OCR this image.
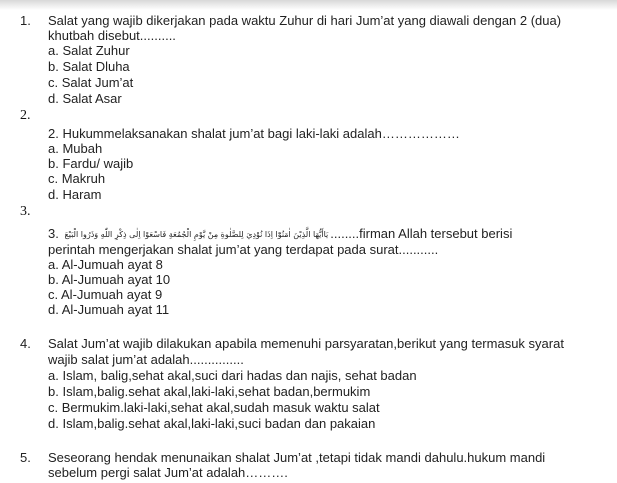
1. Salat yang wajib dikerjakan pada waktu Zuhur di hari Jum’at yang diawali dengan 2 (dua)
khutbah disebut..........
a. Salat Zuhur
b. Salat Dluha
c. Salat Jum’at
d. Salat Asar
2.
2. Hukummelaksanakan shalat jum’at bagi laki-laki adalah………………
a. Mubah
b. Fardu/ wajib
c. Makruh
d. Haram
3.
3. يَاأَيُّهَا الَّذِيْنَ اٰمَنُوْٓا اِذَا نُوْدِيَ لِلصَّلٰوةِ مِنْ يَّوْمِ الْجُمُعَةِ فَاسْعَوْا اِلٰى ذِكْرِ اللّٰهِ وَذَرُوا الْبَيْعَ ........firman Allah tersebut berisi
perintah mengerjakan shalat jum’at yang terdapat pada surat...........
a. Al-Jumuah ayat 8
b. Al-Jumuah ayat 10
c. Al-Jumuah ayat 9
d. Al-Jumuah ayat 11
4. Salat Jum’at wajib dilakukan apabila memenuhi parsyaratan,berikut yang termasuk syarat
wajib salat jum’at adalah...............
a. Islam, balig,sehat akal,suci dari hadas dan najis, sehat badan
b. Islam,balig.sehat akal,laki-laki,sehat badan,bermukim
c. Bermukim.laki-laki,sehat akal,sudah masuk waktu salat
d. Islam,balig.sehat akal,laki-laki,suci badan dan pakaian
5. Seseorang hendak menunaikan shalat Jum’at ,tetapi tidak mandi dahulu.hukum mandi
sebelum pergi salat Jum’at adalah……….
